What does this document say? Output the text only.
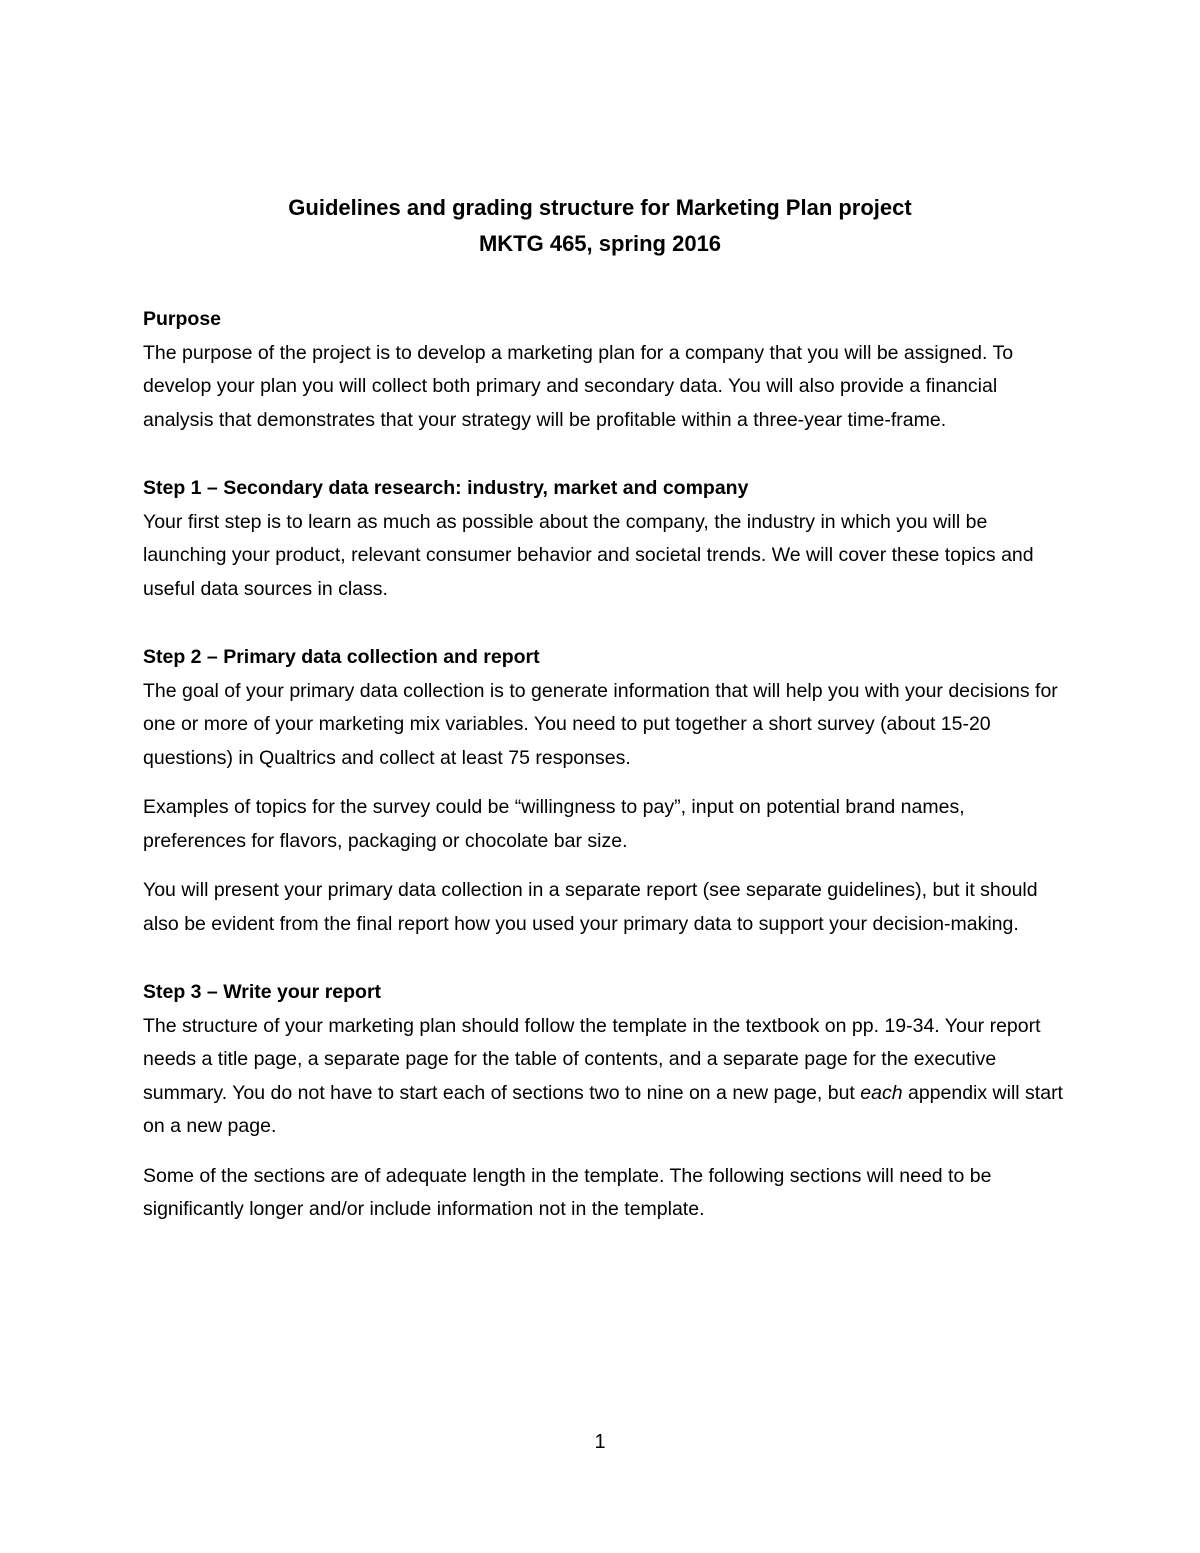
Guidelines and grading structure for Marketing Plan project

MKTG 465, spring 2016

Purpose

The purpose of the project is to develop a marketing plan for a company that you will be assigned. To develop your plan you will collect both primary and secondary data. You will also provide a financial analysis that demonstrates that your strategy will be profitable within a three-year time-frame.

Step 1 – Secondary data research: industry, market and company

Your first step is to learn as much as possible about the company, the industry in which you will be launching your product, relevant consumer behavior and societal trends. We will cover these topics and useful data sources in class.

Step 2 – Primary data collection and report

The goal of your primary data collection is to generate information that will help you with your decisions for one or more of your marketing mix variables. You need to put together a short survey (about 15-20 questions) in Qualtrics and collect at least 75 responses.

Examples of topics for the survey could be “willingness to pay”, input on potential brand names, preferences for flavors, packaging or chocolate bar size.

You will present your primary data collection in a separate report (see separate guidelines), but it should also be evident from the final report how you used your primary data to support your decision-making.

Step 3 – Write your report

The structure of your marketing plan should follow the template in the textbook on pp. 19-34. Your report needs a title page, a separate page for the table of contents, and a separate page for the executive summary. You do not have to start each of sections two to nine on a new page, but each appendix will start on a new page.

Some of the sections are of adequate length in the template. The following sections will need to be significantly longer and/or include information not in the template.

1
